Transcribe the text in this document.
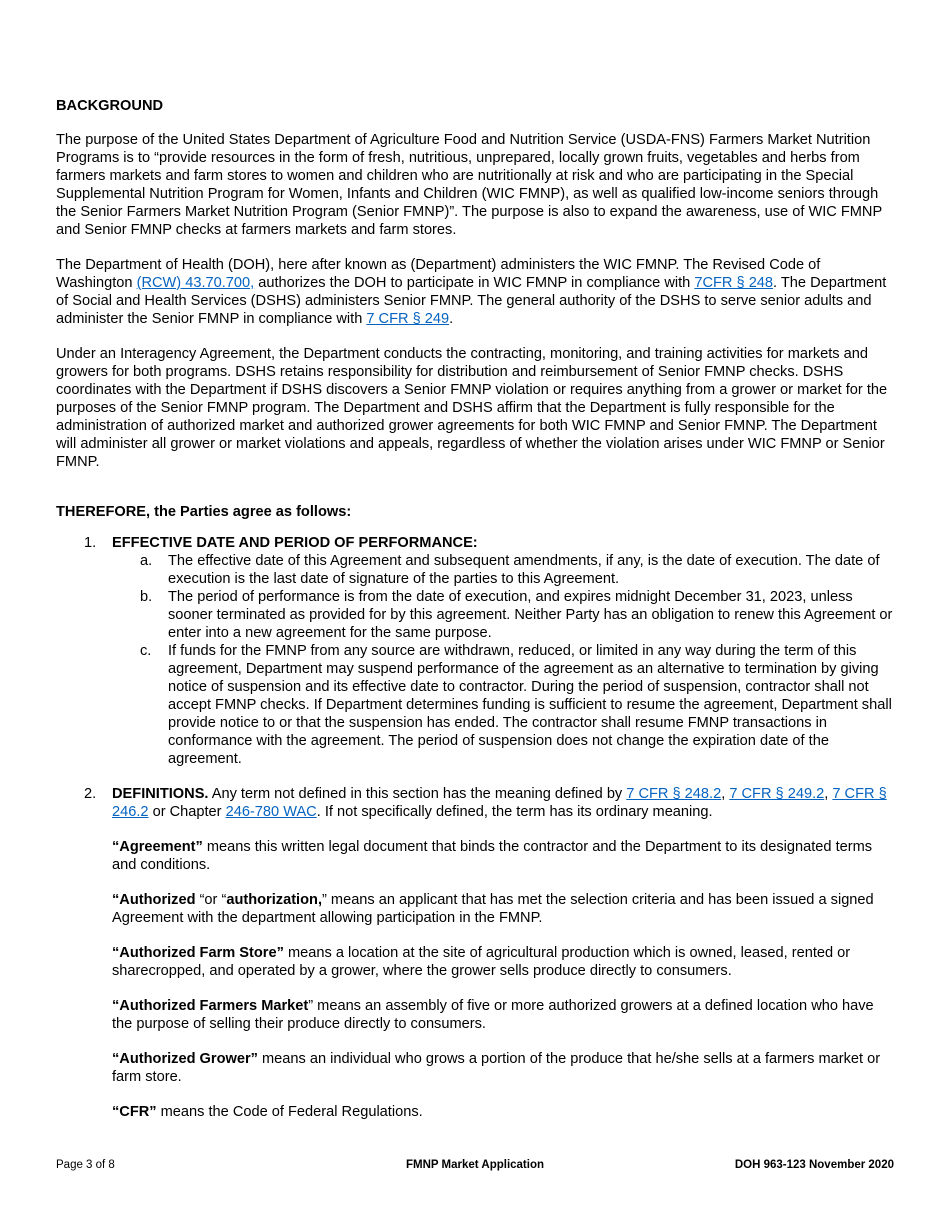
BACKGROUND

The purpose of the United States Department of Agriculture Food and Nutrition Service (USDA-FNS) Farmers Market Nutrition Programs is to “provide resources in the form of fresh, nutritious, unprepared, locally grown fruits, vegetables and herbs from farmers markets and farm stores to women and children who are nutritionally at risk and who are participating in the Special Supplemental Nutrition Program for Women, Infants and Children (WIC FMNP), as well as qualified low-income seniors through the Senior Farmers Market Nutrition Program (Senior FMNP)”. The purpose is also to expand the awareness, use of WIC FMNP and Senior FMNP checks at farmers markets and farm stores.

The Department of Health (DOH), here after known as (Department) administers the WIC FMNP. The Revised Code of Washington (RCW) 43.70.700, authorizes the DOH to participate in WIC FMNP in compliance with 7CFR § 248. The Department of Social and Health Services (DSHS) administers Senior FMNP. The general authority of the DSHS to serve senior adults and administer the Senior FMNP in compliance with 7 CFR § 249.

Under an Interagency Agreement, the Department conducts the contracting, monitoring, and training activities for markets and growers for both programs. DSHS retains responsibility for distribution and reimbursement of Senior FMNP checks. DSHS coordinates with the Department if DSHS discovers a Senior FMNP violation or requires anything from a grower or market for the purposes of the Senior FMNP program. The Department and DSHS affirm that the Department is fully responsible for the administration of authorized market and authorized grower agreements for both WIC FMNP and Senior FMNP. The Department will administer all grower or market violations and appeals, regardless of whether the violation arises under WIC FMNP or Senior FMNP.

THEREFORE, the Parties agree as follows:
1. EFFECTIVE DATE AND PERIOD OF PERFORMANCE:
a. The effective date of this Agreement and subsequent amendments, if any, is the date of execution. The date of execution is the last date of signature of the parties to this Agreement.
b. The period of performance is from the date of execution, and expires midnight December 31, 2023, unless sooner terminated as provided for by this agreement. Neither Party has an obligation to renew this Agreement or enter into a new agreement for the same purpose.
c. If funds for the FMNP from any source are withdrawn, reduced, or limited in any way during the term of this agreement, Department may suspend performance of the agreement as an alternative to termination by giving notice of suspension and its effective date to contractor. During the period of suspension, contractor shall not accept FMNP checks. If Department determines funding is sufficient to resume the agreement, Department shall provide notice to or that the suspension has ended. The contractor shall resume FMNP transactions in conformance with the agreement. The period of suspension does not change the expiration date of the agreement.
2. DEFINITIONS. Any term not defined in this section has the meaning defined by 7 CFR § 248.2, 7 CFR § 249.2, 7 CFR § 246.2 or Chapter 246-780 WAC. If not specifically defined, the term has its ordinary meaning.
“Agreement” means this written legal document that binds the contractor and the Department to its designated terms and conditions.
“Authorized “or “authorization,” means an applicant that has met the selection criteria and has been issued a signed Agreement with the department allowing participation in the FMNP.
“Authorized Farm Store” means a location at the site of agricultural production which is owned, leased, rented or sharecropped, and operated by a grower, where the grower sells produce directly to consumers.
“Authorized Farmers Market” means an assembly of five or more authorized growers at a defined location who have the purpose of selling their produce directly to consumers.
“Authorized Grower” means an individual who grows a portion of the produce that he/she sells at a farmers market or farm store.
“CFR” means the Code of Federal Regulations.
Page 3 of 8	FMNP Market Application	DOH 963-123 November 2020
